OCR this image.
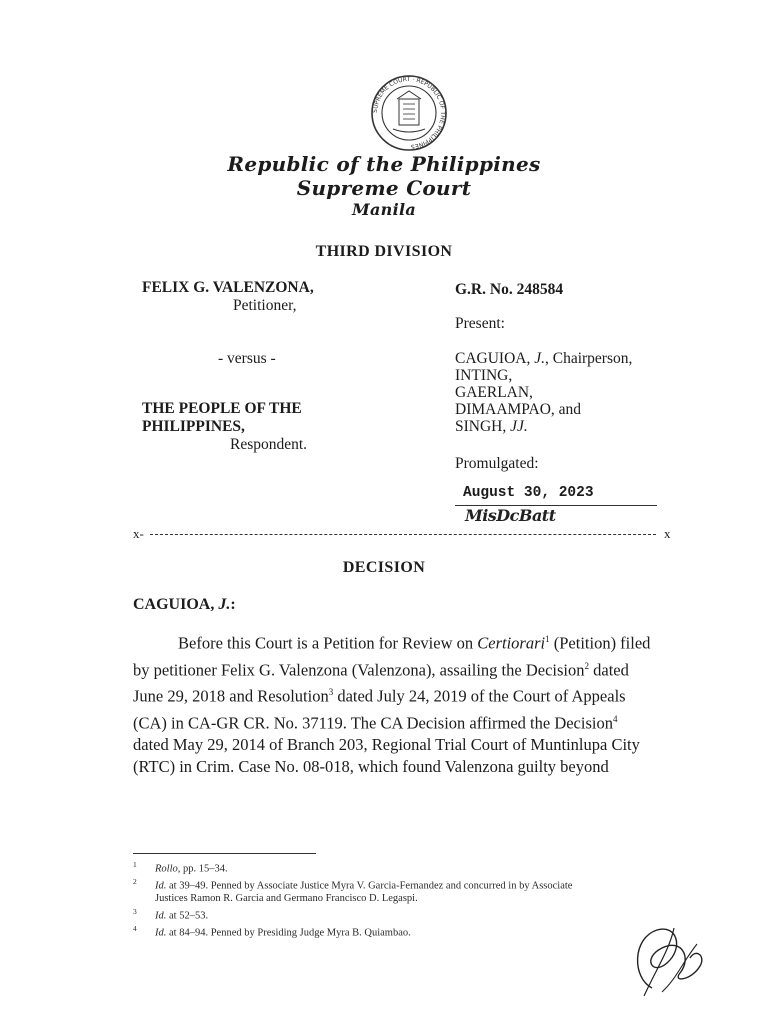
SUPREME COURT · REPUBLIC OF THE PHILIPPINES
Republic of the Philippines
Supreme Court
Manila
THIRD DIVISION
FELIX G. VALENZONA,
Petitioner,
- versus -
THE PEOPLE OF THE
PHILIPPINES,
Respondent.
G.R. No. 248584
Present:
CAGUIOA, J., Chairperson,
INTING,
GAERLAN,
DIMAAMPAO, and
SINGH, JJ.
Promulgated:
August 30, 2023
MisDcBatt
x-	x
DECISION
CAGUIOA, J.:
Before this Court is a Petition for Review on Certiorari$^1$ (Petition) filed
by petitioner Felix G. Valenzona (Valenzona), assailing the Decision$^2$ dated
June 29, 2018 and Resolution$^3$ dated July 24, 2019 of the Court of Appeals
(CA) in CA-GR CR. No. 37119. The CA Decision affirmed the Decision$^4$
dated May 29, 2014 of Branch 203, Regional Trial Court of Muntinlupa City
(RTC) in Crim. Case No. 08-018, which found Valenzona guilty beyond
$^1$ Rollo, pp. 15–34.
$^2$ Id. at 39–49. Penned by Associate Justice Myra V. Garcia-Fernandez and concurred in by Associate
Justices Ramon R. Garcia and Germano Francisco D. Legaspi.
$^3$ Id. at 52–53.
$^4$ Id. at 84–94. Penned by Presiding Judge Myra B. Quiambao.
